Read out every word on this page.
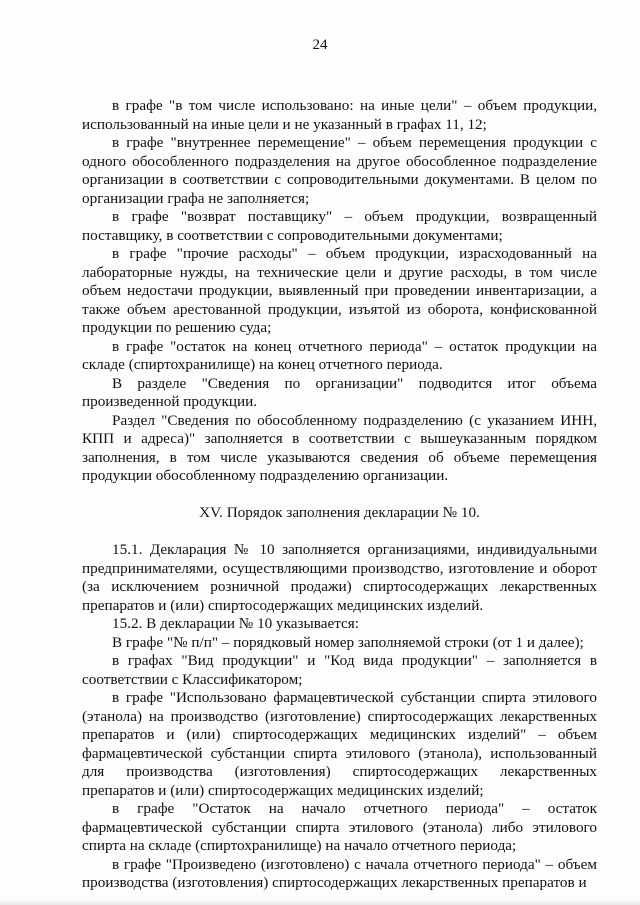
24

в графе "в том числе использовано: на иные цели" – объем продукции, использованный на иные цели и не указанный в графах 11, 12;

в графе "внутреннее перемещение" – объем перемещения продукции с одного обособленного подразделения на другое обособленное подразделение организации в соответствии с сопроводительными документами. В целом по организации графа не заполняется;

в графе "возврат поставщику" – объем продукции, возвращенный поставщику, в соответствии с сопроводительными документами;

в графе "прочие расходы" – объем продукции, израсходованный на лабораторные нужды, на технические цели и другие расходы, в том числе объем недостачи продукции, выявленный при проведении инвентаризации, а также объем арестованной продукции, изъятой из оборота, конфискованной продукции по решению суда;

в графе "остаток на конец отчетного периода" – остаток продукции на складе (спиртохранилище) на конец отчетного периода.

В разделе "Сведения по организации" подводится итог объема произведенной продукции.

Раздел "Сведения по обособленному подразделению (с указанием ИНН, КПП и адреса)" заполняется в соответствии с вышеуказанным порядком заполнения, в том числе указываются сведения об объеме перемещения продукции обособленному подразделению организации.

XV. Порядок заполнения декларации № 10.

15.1. Декларация № 10 заполняется организациями, индивидуальными предпринимателями, осуществляющими производство, изготовление и оборот (за исключением розничной продажи) спиртосодержащих лекарственных препаратов и (или) спиртосодержащих медицинских изделий.

15.2. В декларации № 10 указывается:

В графе "№ п/п" – порядковый номер заполняемой строки (от 1 и далее);

в графах "Вид продукции" и "Код вида продукции" – заполняется в соответствии с Классификатором;

в графе "Использовано фармацевтической субстанции спирта этилового (этанола) на производство (изготовление) спиртосодержащих лекарственных препаратов и (или) спиртосодержащих медицинских изделий" – объем фармацевтической субстанции спирта этилового (этанола), использованный для производства (изготовления) спиртосодержащих лекарственных препаратов и (или) спиртосодержащих медицинских изделий;

в графе "Остаток на начало отчетного периода" – остаток фармацевтической субстанции спирта этилового (этанола) либо этилового спирта на складе (спиртохранилище) на начало отчетного периода;

в графе "Произведено (изготовлено) с начала отчетного периода" – объем производства (изготовления) спиртосодержащих лекарственных препаратов и
